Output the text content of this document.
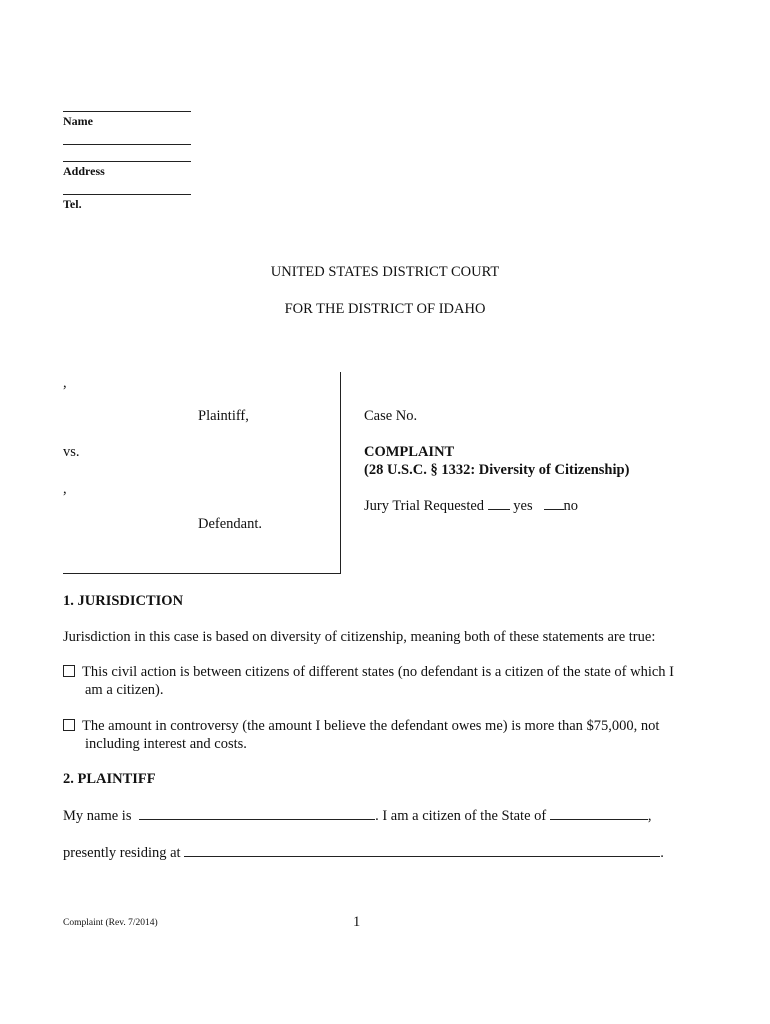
Name
Address
Tel.
UNITED STATES DISTRICT COURT
FOR THE DISTRICT OF IDAHO
,
Plaintiff,
vs.
,
Defendant.
Case No.
COMPLAINT
(28 U.S.C. § 1332: Diversity of Citizenship)
Jury Trial Requested yes no
1. JURISDICTION
Jurisdiction in this case is based on diversity of citizenship, meaning both of these statements are true:
This civil action is between citizens of different states (no defendant is a citizen of the state of which I
am a citizen).
The amount in controversy (the amount I believe the defendant owes me) is more than $75,000, not
including interest and costs.
2. PLAINTIFF
My name is	. I am a citizen of the State of	,
presently residing at	.
Complaint (Rev. 7/2014)	1
